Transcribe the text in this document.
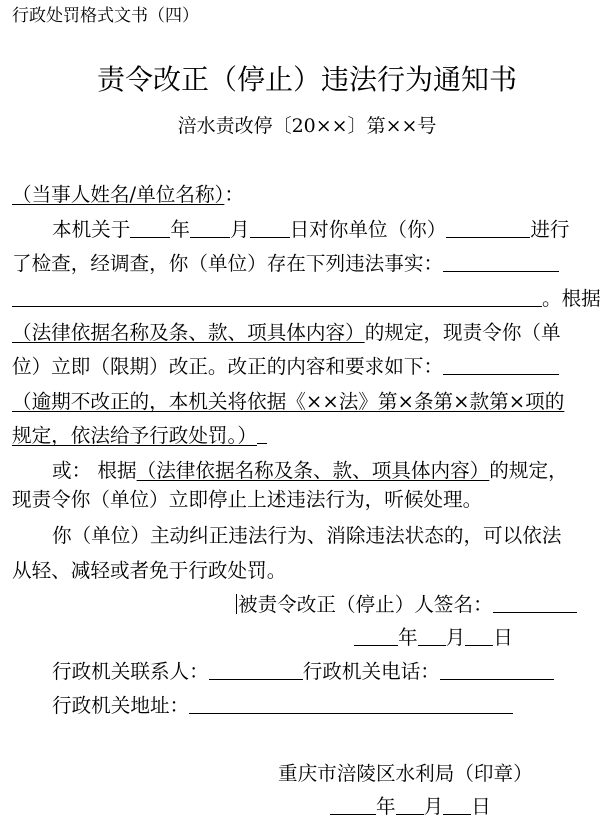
行政处罚格式文书（四）
责令改正（停止）违法行为通知书
涪水责改停〔20××〕第××号
（当事人姓名/单位名称）：
本机关于 年 月 日对你单位（你）	进行
了检查，经调查，你（单位）存在下列违法事实：
。根据
（法律依据名称及条、款、项具体内容）的规定，现责令你（单
位）立即（限期）改正。改正的内容和要求如下：
（逾期不改正的，本机关将依据《××法》第×条第×款第×项的
规定，依法给予行政处罚。）
或： 根据（法律依据名称及条、款、项具体内容）的规定，
现责令你（单位）立即停止上述违法行为，听候处理。
你（单位）主动纠正违法行为、消除违法状态的，可以依法
从轻、减轻或者免于行政处罚。
被责令改正（停止）人签名：
年 月 日
行政机关联系人：	行政机关电话：
行政机关地址：
重庆市涪陵区水利局（印章）
年 月 日
